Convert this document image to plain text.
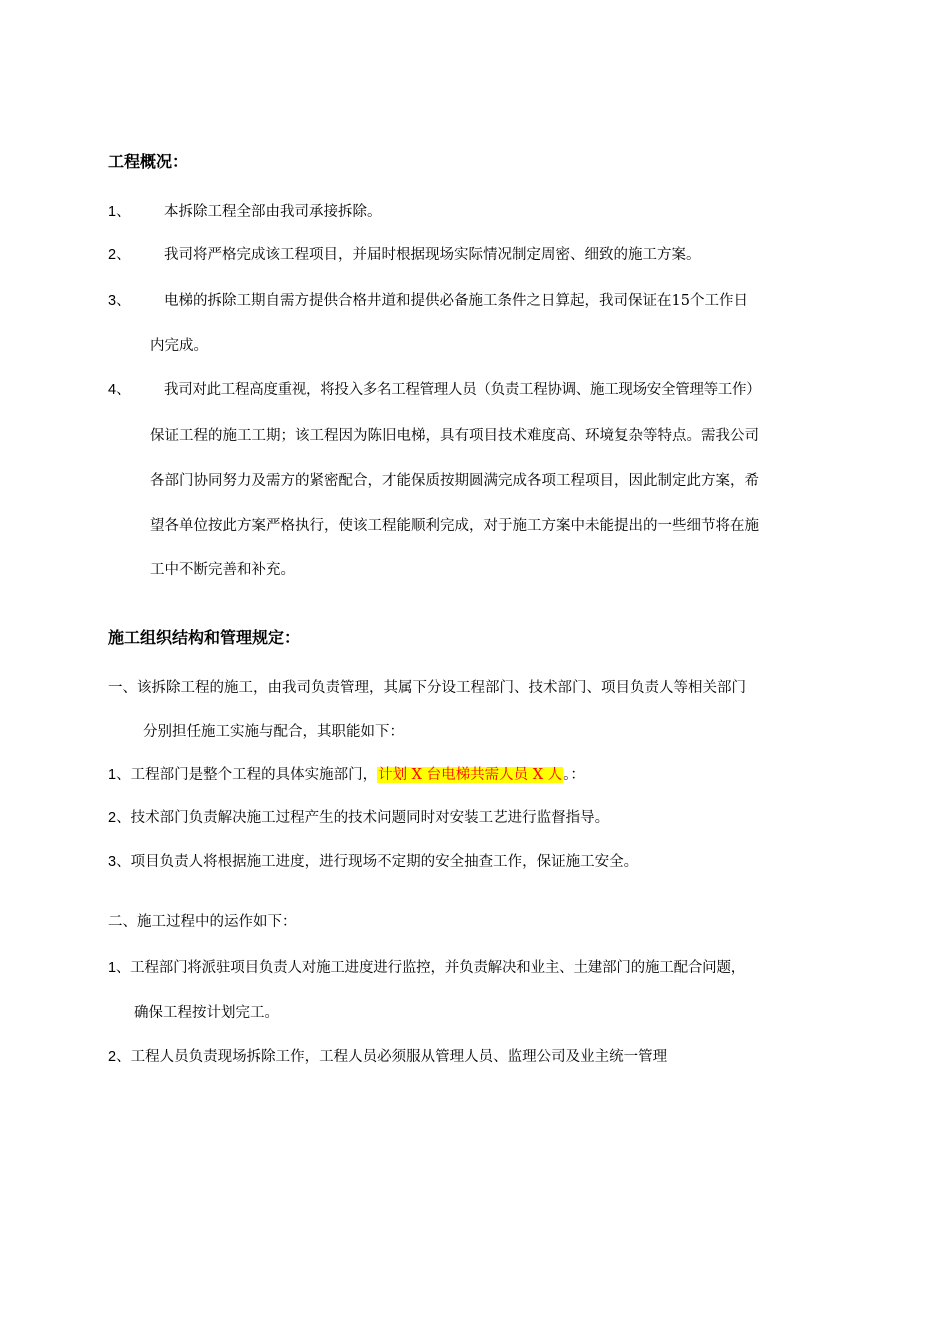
工程概况：
1、 本拆除工程全部由我司承接拆除。
2、 我司将严格完成该工程项目，并届时根据现场实际情况制定周密、细致的施工方案。
3、 电梯的拆除工期自需方提供合格井道和提供必备施工条件之日算起，我司保证在15个工作日
内完成。
4、 我司对此工程高度重视，将投入多名工程管理人员（负责工程协调、施工现场安全管理等工作）
保证工程的施工工期；该工程因为陈旧电梯，具有项目技术难度高、环境复杂等特点。需我公司
各部门协同努力及需方的紧密配合，才能保质按期圆满完成各项工程项目，因此制定此方案，希
望各单位按此方案严格执行，使该工程能顺利完成，对于施工方案中未能提出的一些细节将在施
工中不断完善和补充。
施工组织结构和管理规定：
一、该拆除工程的施工，由我司负责管理，其属下分设工程部门、技术部门、项目负责人等相关部门
分别担任施工实施与配合，其职能如下：
1、工程部门是整个工程的具体实施部门，计划 X 台电梯共需人员 X 人。：
2、技术部门负责解决施工过程产生的技术问题同时对安装工艺进行监督指导。
3、项目负责人将根据施工进度，进行现场不定期的安全抽查工作，保证施工安全。
二、施工过程中的运作如下：
1、工程部门将派驻项目负责人对施工进度进行监控，并负责解决和业主、土建部门的施工配合问题，
确保工程按计划完工。
2、工程人员负责现场拆除工作，工程人员必须服从管理人员、监理公司及业主统一管理
